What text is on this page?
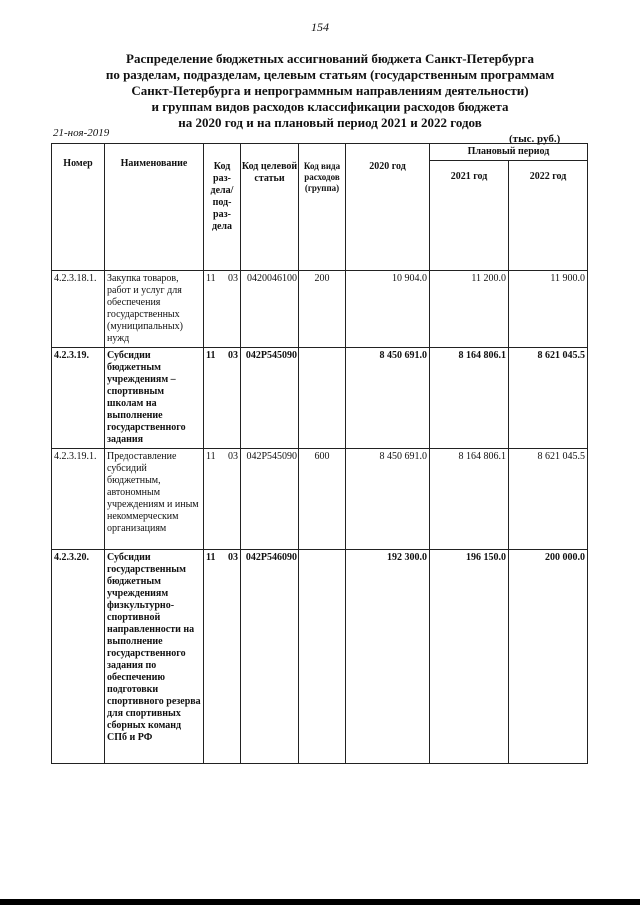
154
Распределение бюджетных ассигнований бюджета Санкт-Петербурга
по разделам, подразделам, целевым статьям (государственным программам
Санкт-Петербурга и непрограммным направлениям деятельности)
и группам видов расходов классификации расходов бюджета
на 2020 год и на плановый период 2021 и 2022 годов
21-ноя-2019	(тыс. руб.)
Номер	Наименование	Код раз- дела/ под- раз- дела	Код целевой статьи	Код вида расходов (группа)	2020 год	Плановый период	
						2021 год	2022 год
4.2.3.18.1.	Закупка товаров, работ и услуг для обеспечения государственных (муниципальных) нужд	11 03	0420046100	200	10 904.0	11 200.0	11 900.0
4.2.3.19.	Субсидии бюджетным учреждениям – спортивным школам на выполнение государственного задания	11 03	042P545090		8 450 691.0	8 164 806.1	8 621 045.5
4.2.3.19.1.	Предоставление субсидий бюджетным, автономным учреждениям и иным некоммерческим организациям	11 03	042P545090	600	8 450 691.0	8 164 806.1	8 621 045.5
4.2.3.20.	Субсидии государственным бюджетным учреждениям физкультурно-спортивной направленности на выполнение государственного задания по обеспечению подготовки спортивного резерва для спортивных сборных команд СПб и РФ	11 03	042P546090		192 300.0	196 150.0	200 000.0
